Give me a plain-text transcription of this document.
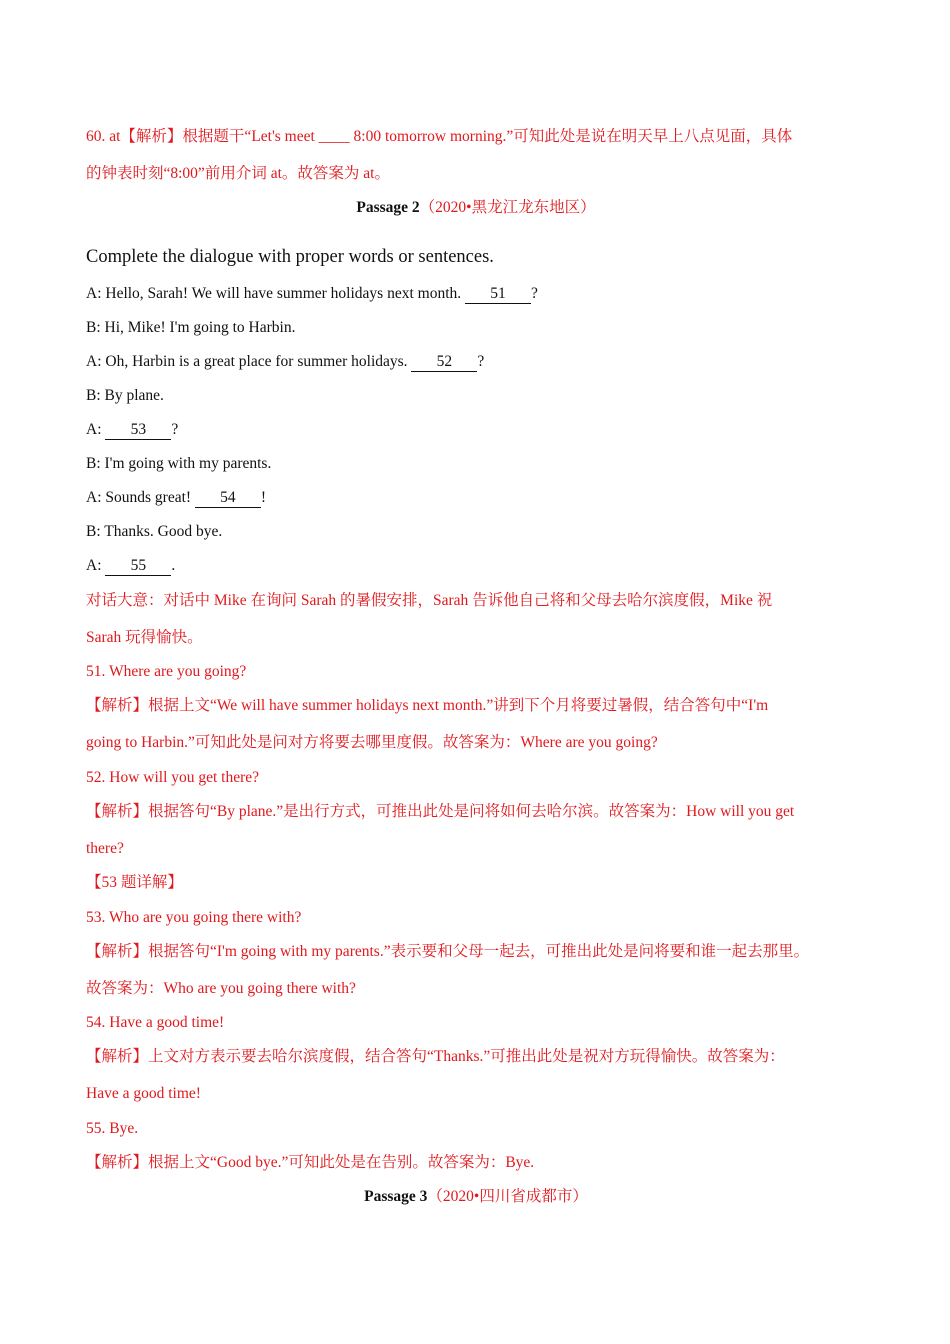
60. at【解析】根据题干“Let's meet ____ 8:00 tomorrow morning.”可知此处是说在明天早上八点见面，具体
的钟表时刻“8:00”前用介词 at。故答案为 at。
Passage 2（2020•黑龙江龙东地区）
Complete the dialogue with proper words or sentences.
A: Hello, Sarah! We will have summer holidays next month. 51 ?
B: Hi, Mike! I'm going to Harbin.
A: Oh, Harbin is a great place for summer holidays. 52 ?
B: By plane.
A: 53 ?
B: I'm going with my parents.
A: Sounds great! 54 !
B: Thanks. Good bye.
A: 55 .
对话大意：对话中 Mike 在询问 Sarah 的暑假安排，Sarah 告诉他自己将和父母去哈尔滨度假，Mike 祝
Sarah 玩得愉快。
51. Where are you going?
【解析】根据上文“We will have summer holidays next month.”讲到下个月将要过暑假，结合答句中“I'm
going to Harbin.”可知此处是问对方将要去哪里度假。故答案为：Where are you going?
52. How will you get there?
【解析】根据答句“By plane.”是出行方式，可推出此处是问将如何去哈尔滨。故答案为：How will you get
there?
【53 题详解】
53. Who are you going there with?
【解析】根据答句“I'm going with my parents.”表示要和父母一起去，可推出此处是问将要和谁一起去那里。
故答案为：Who are you going there with?
54. Have a good time!
【解析】上文对方表示要去哈尔滨度假，结合答句“Thanks.”可推出此处是祝对方玩得愉快。故答案为：
Have a good time!
55. Bye.
【解析】根据上文“Good bye.”可知此处是在告别。故答案为：Bye.
Passage 3（2020•四川省成都市）
